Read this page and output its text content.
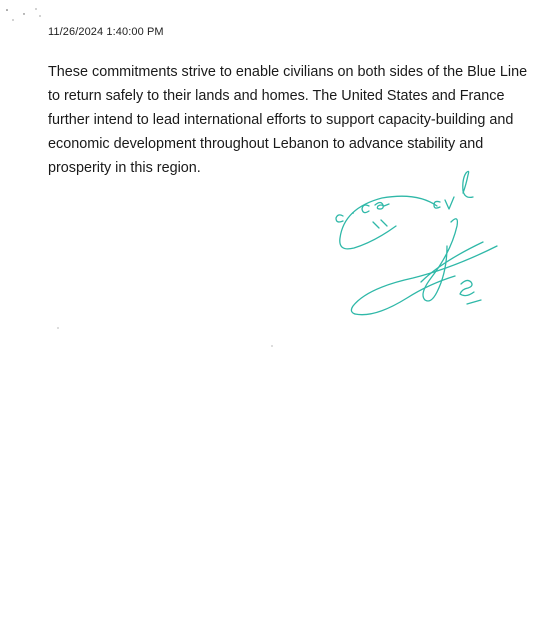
11/26/2024 1:40:00 PM

These commitments strive to enable civilians on both sides of the Blue Line to return safely to their lands and homes. The United States and France further intend to lead international efforts to support capacity-building and economic development throughout Lebanon to advance stability and prosperity in this region.
